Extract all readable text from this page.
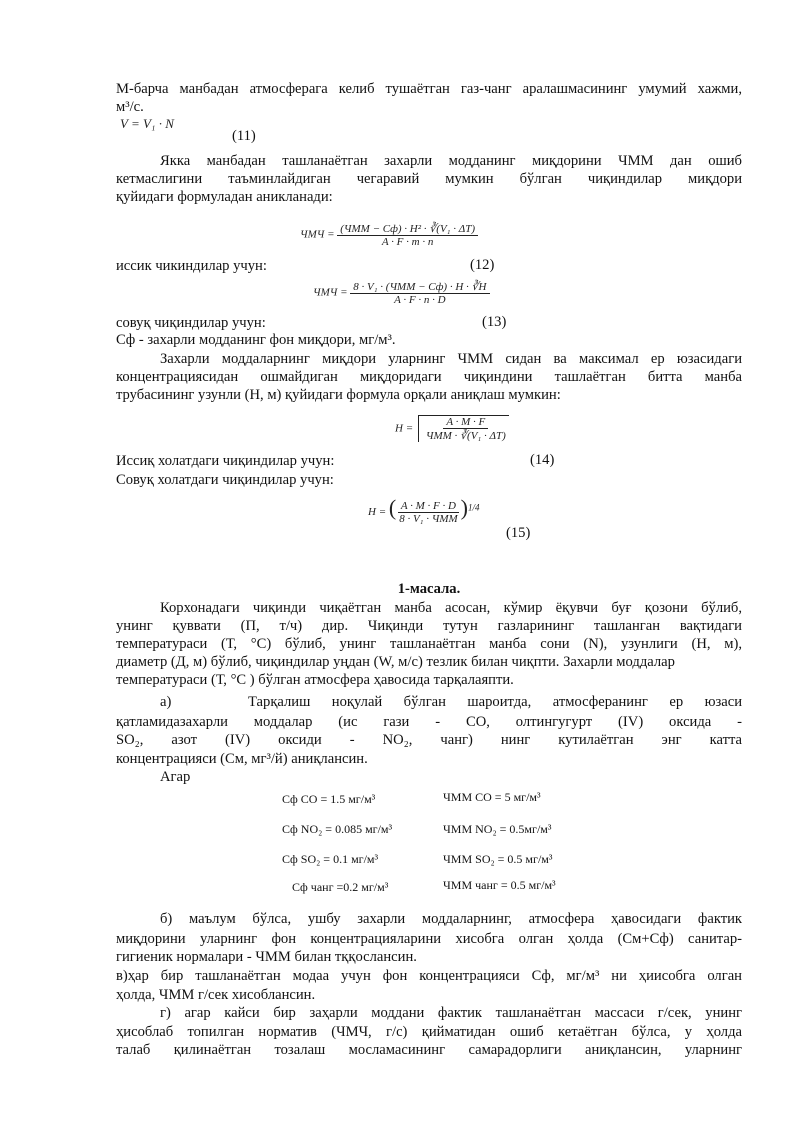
М-барча манбадан атмосферага келиб тушаётган газ-чанг аралашмасининг умумий хажми,
м³/с.
V = V₁ · N
(11)
Якка манбадан ташланаётган захарли модданинг миқдорини ЧММ дан ошиб
кетмаслигини таъминлайдиган чегаравий мумкин бўлган чиқиндилар миқдори
қуйидаги формуладан аникланади:
ЧМЧ = $\frac{\text{(ЧММ − Cф) · H² · ∛(V₁ · ΔT)}}{A \cdot F \cdot m \cdot n}$
иссик чикиндилар учун:	(12)
ЧМЧ = $\frac{\text{8 · V₁ · (ЧММ − Cф) · H · ∛H}}{A \cdot F \cdot n \cdot D}$
совуқ чиқиндилар учун:	(13)
Cф - захарли модданинг фон миқдори, мг/м³.
Захарли моддаларнинг миқдори уларнинг ЧММ сидан ва максимал ер юзасидаги
концентрациясидан ошмайдиган миқдоридаги чиқиндини ташлаётган битта манба
трубасининг узунли (H, м) қуйидаги формула орқали аниқлаш мумкин:
$H = \frac{A \cdot M \cdot F}{\text{ЧММ · ∛(V₁ · ΔT)}}$
Иссиқ холатдаги чиқиндилар учун:	(14)
Совуқ холатдаги чиқиндилар учун:
H = ( $\frac{A \cdot M \cdot F \cdot D}{\text{8 · V₁ · ЧММ}} )^{1/4}$
(15)
1-масала.
Корхонадаги чиқинди чиқаётган манба асосан, кўмир ёқувчи буғ қозони бўлиб,
унинг қуввати (П, т/ч) дир. Чиқинди тутун газларининг ташланган вақтидаги
температураси (Т, °С) бўлиб, унинг ташланаётган манба сони (N), узунлиги (H, м),
диаметр (Д, м) бўлиб, чиқиндилар уңдан (W, м/с) тезлик билан чиқпти. Захарли моддалар
температураси (Т, °С ) бўлган атмосфера ҳавосида тарқалаяпти.
а)	Тарқалиш ноқулай бўлган шароитда, атмосферанинг ер юзаси
қатламидазахарли моддалар (ис гази - СО, олтингугурт (IV) оксида -
SO₂, азот (IV) оксиди - NO₂, чанг) нинг кутилаётган энг катта
концентрацияси (См, мг³/й) аниқлансин.
Агар
Cф CO = 1.5 мг/м³	ЧММ CO = 5 мг/м³
Cф NO₂ = 0.085 мг/м³	ЧММ NO₂ = 0.5мг/м³
Cф SO₂ = 0.1 мг/м³	ЧММ SO₂ = 0.5 мг/м³
Cф чанг =0.2 мг/м³	ЧММ чанг = 0.5 мг/м³
б) маълум бўлса, ушбу захарли моддаларнинг, атмосфера ҳавосидаги фактик
миқдорини уларнинг фон концентрацияларини хисобга олган ҳолда (См+Сф) санитар-
гигиеник нормалари - ЧММ билан тққослансин.
в)ҳар бир ташланаётган модаа учун фон концентрацияси Сф, мг/м³ ни ҳиисобга олган
ҳолда, ЧММ г/сек хисоблансин.
г) агар кайси бир заҳарли моддани фактик ташланаётган массаси г/сек, унинг
ҳисоблаб топилган норматив (ЧМЧ, г/с) қийматидан ошиб кетаётган бўлса, у ҳолда
талаб қилинаётган тозалаш мосламасининг самарадорлиги аниқлансин, уларнинг
